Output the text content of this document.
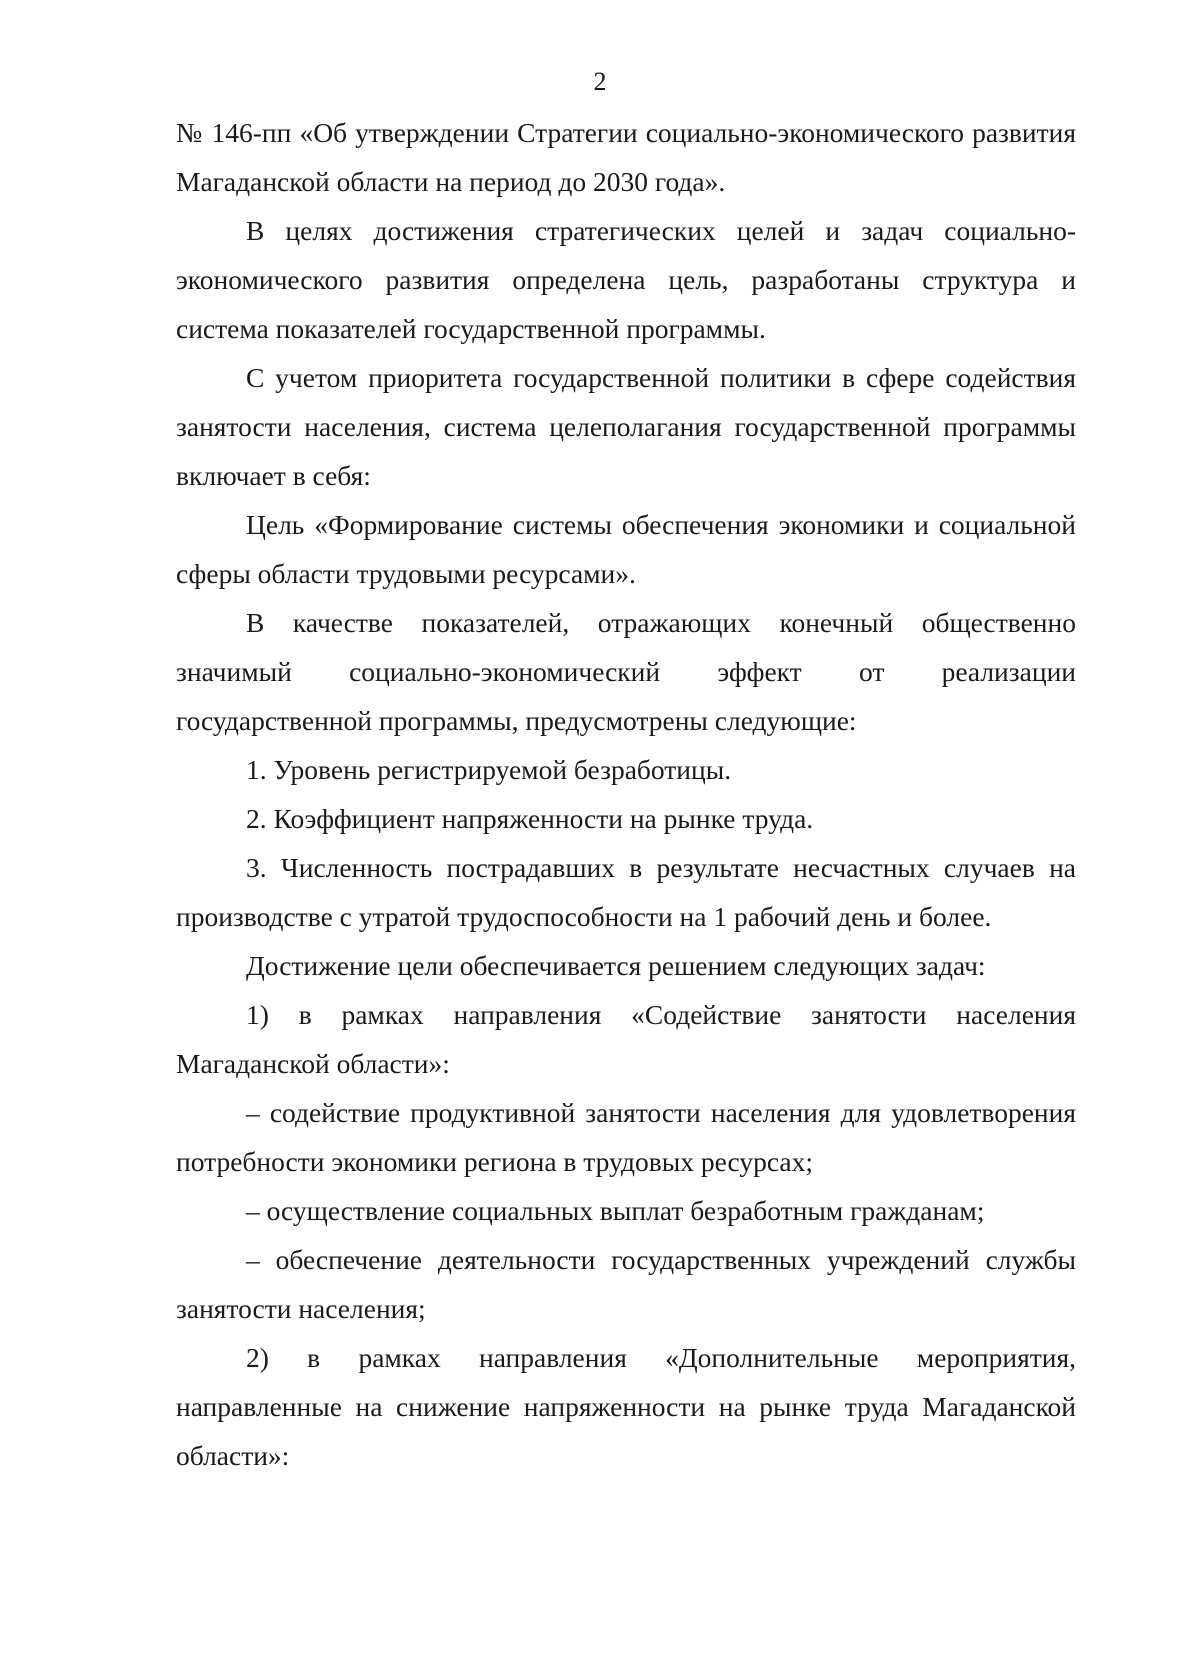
2

№ 146-пп «Об утверждении Стратегии социально-экономического развития Магаданской области на период до 2030 года».

В целях достижения стратегических целей и задач социально-экономического развития определена цель, разработаны структура и система показателей государственной программы.

С учетом приоритета государственной политики в сфере содействия занятости населения, система целеполагания государственной программы включает в себя:

Цель «Формирование системы обеспечения экономики и социальной сферы области трудовыми ресурсами».

В качестве показателей, отражающих конечный общественно значимый социально-экономический эффект от реализации государственной программы, предусмотрены следующие:

1. Уровень регистрируемой безработицы.

2. Коэффициент напряженности на рынке труда.

3. Численность пострадавших в результате несчастных случаев на производстве с утратой трудоспособности на 1 рабочий день и более.

Достижение цели обеспечивается решением следующих задач:

1) в рамках направления «Содействие занятости населения Магаданской области»:

– содействие продуктивной занятости населения для удовлетворения потребности экономики региона в трудовых ресурсах;

– осуществление социальных выплат безработным гражданам;

– обеспечение деятельности государственных учреждений службы занятости населения;

2) в рамках направления «Дополнительные мероприятия, направленные на снижение напряженности на рынке труда Магаданской области»:
